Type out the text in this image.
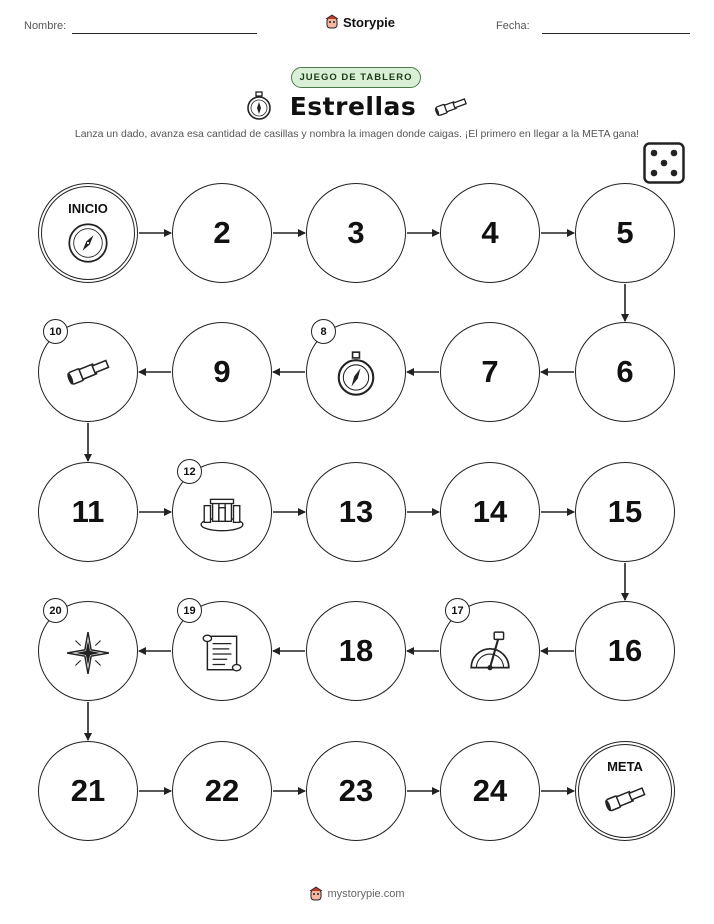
Nombre:	Storypie	Fecha:
JUEGO DE TABLERO
Estrellas
Lanza un dado, avanza esa cantidad de casillas y nombra la imagen donde caigas. ¡El primero en llegar a la META gana!
INICIO
2	3	4	5
6
7
8
9
10
11
12
13	14	15
16
17
18
19
20
21	22	23	24
META
mystorypie.com
